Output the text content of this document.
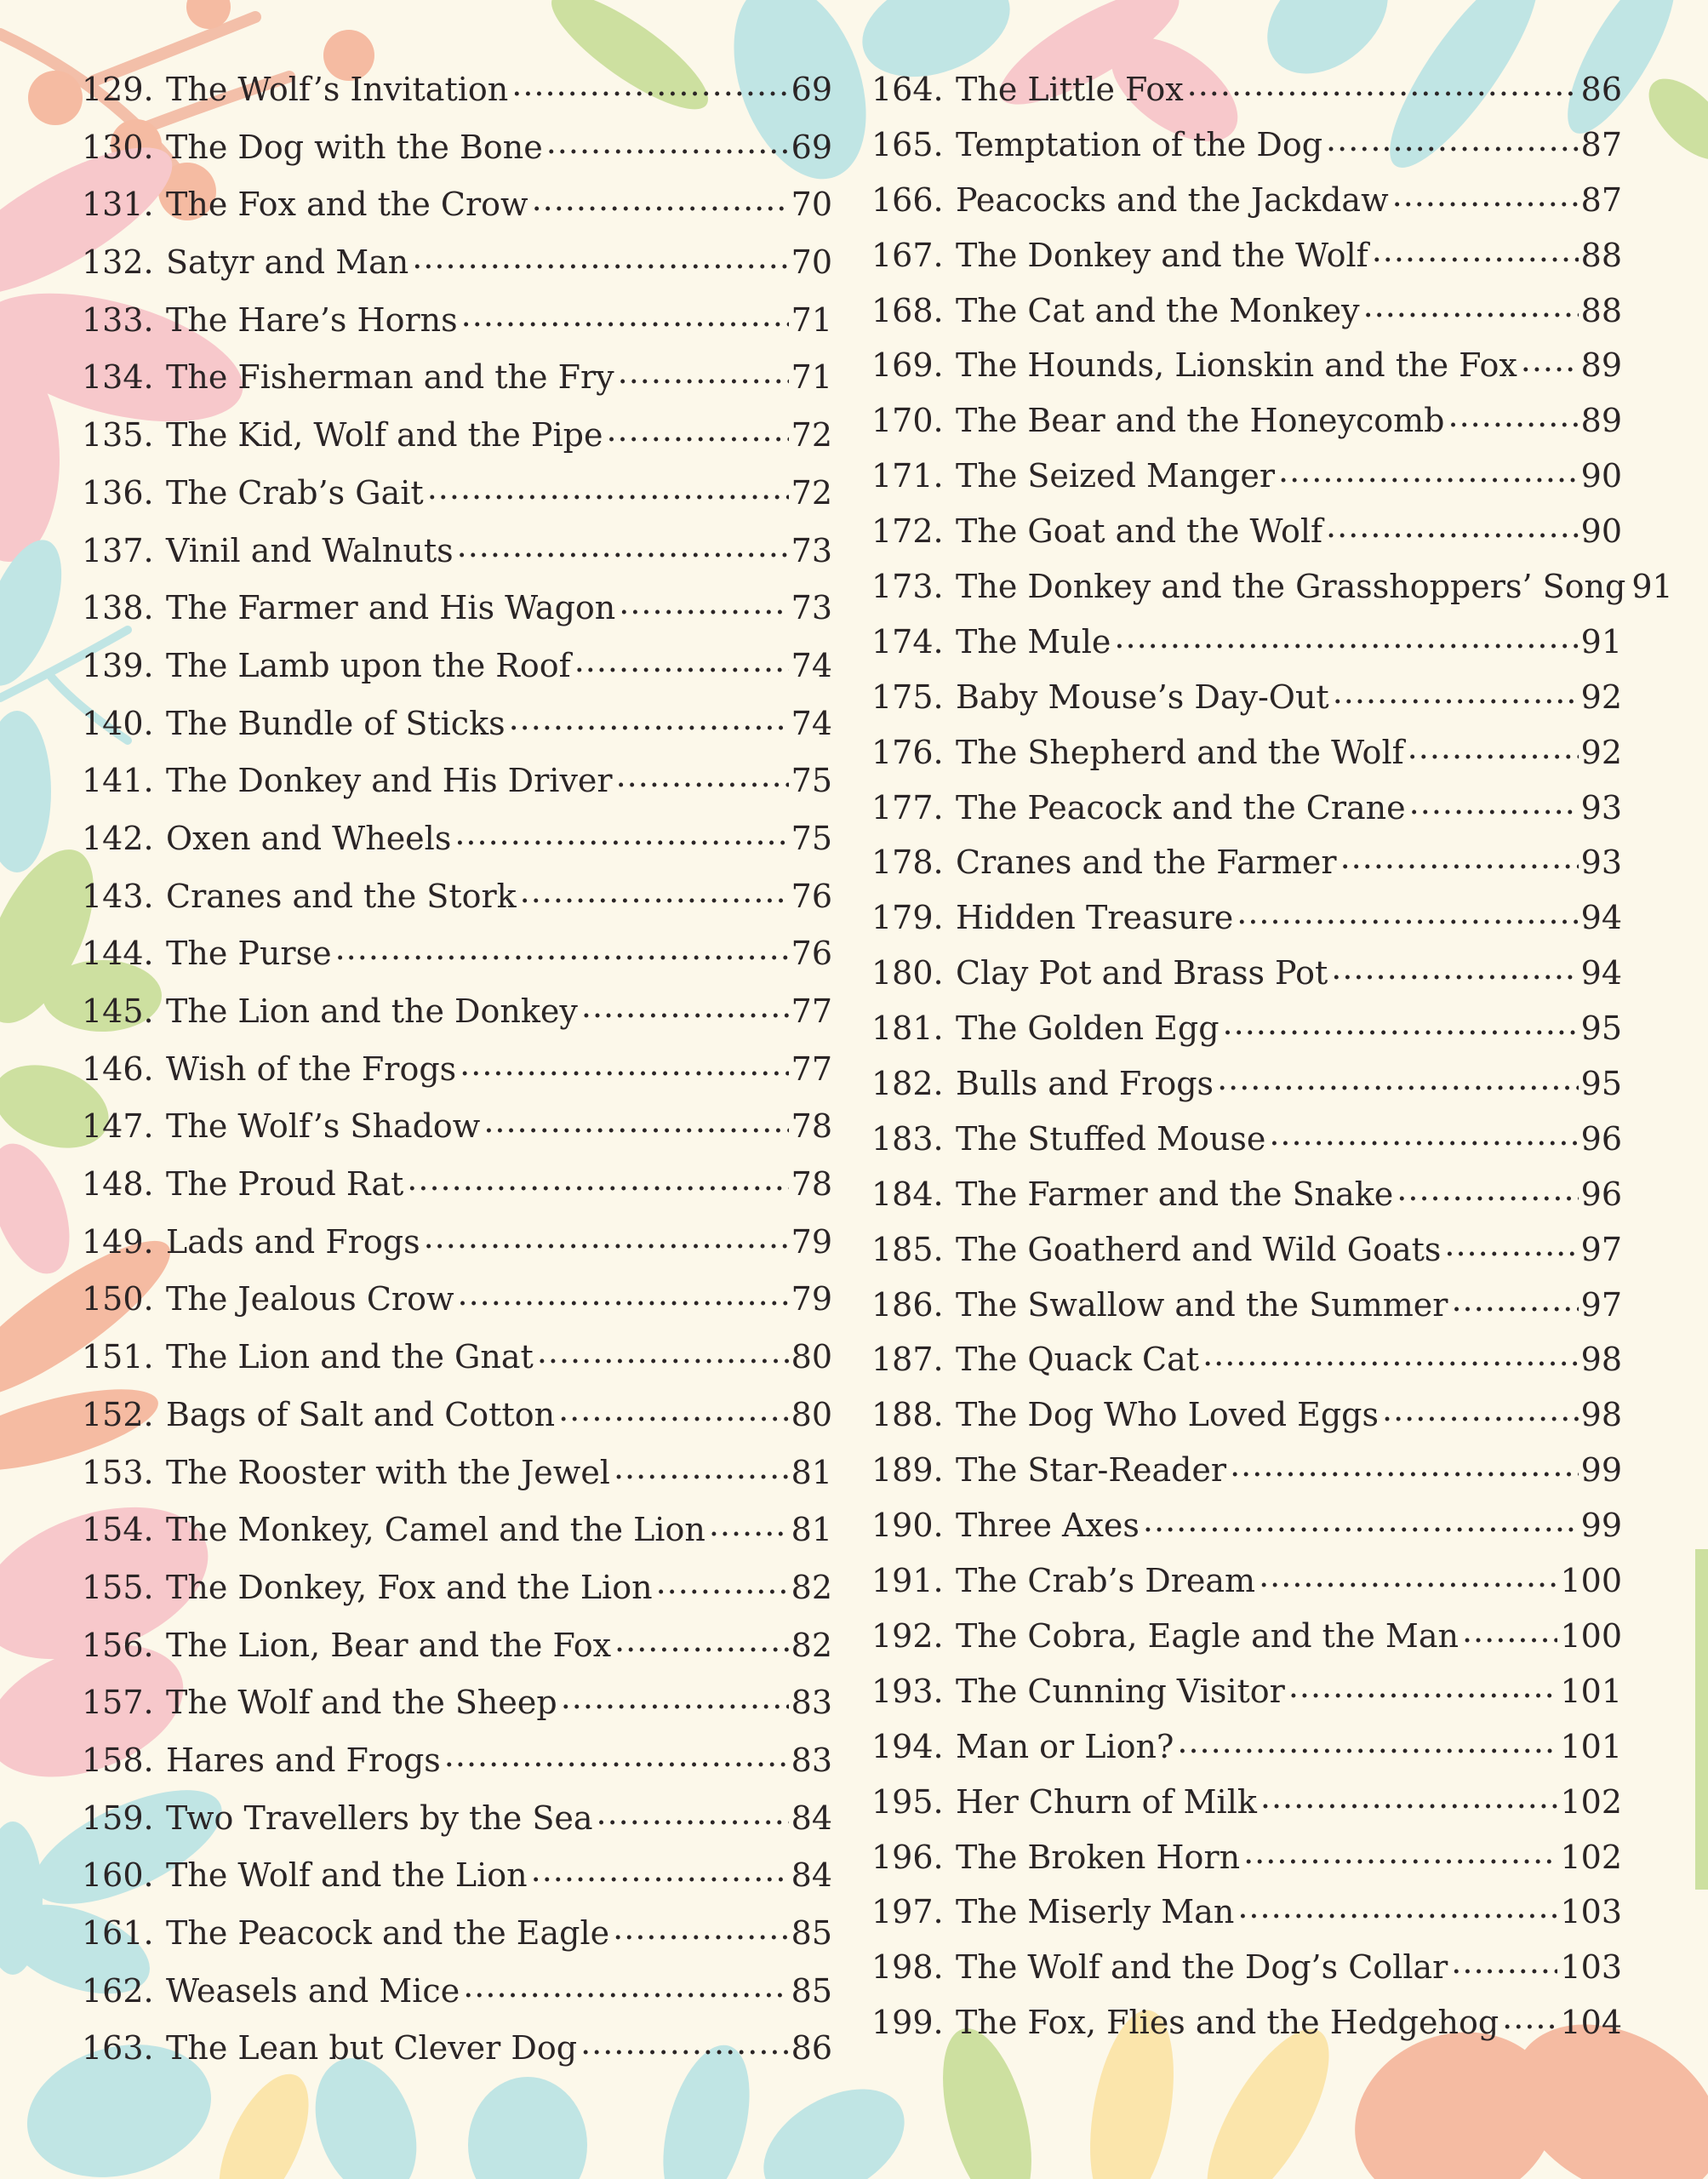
129. The Wolf’s Invitation .....	69
130. The Dog with the Bone .....	69
131. The Fox and the Crow .....	70
132. Satyr and Man .....	70
133. The Hare’s Horns .....	71
134. The Fisherman and the Fry .....	71
135. The Kid, Wolf and the Pipe .....	72
136. The Crab’s Gait .....	72
137. Vinil and Walnuts .....	73
138. The Farmer and His Wagon .....	73
139. The Lamb upon the Roof .....	74
140. The Bundle of Sticks .....	74
141. The Donkey and His Driver .....	75
142. Oxen and Wheels .....	75
143. Cranes and the Stork .....	76
144. The Purse .....	76
145. The Lion and the Donkey .....	77
146. Wish of the Frogs .....	77
147. The Wolf’s Shadow .....	78
148. The Proud Rat .....	78
149. Lads and Frogs .....	79
150. The Jealous Crow .....	79
151. The Lion and the Gnat .....	80
152. Bags of Salt and Cotton .....	80
153. The Rooster with the Jewel .....	81
154. The Monkey, Camel and the Lion .....	81
155. The Donkey, Fox and the Lion .....	82
156. The Lion, Bear and the Fox .....	82
157. The Wolf and the Sheep .....	83
158. Hares and Frogs .....	83
159. Two Travellers by the Sea .....	84
160. The Wolf and the Lion .....	84
161. The Peacock and the Eagle .....	85
162. Weasels and Mice .....	85
163. The Lean but Clever Dog .....	86
164. The Little Fox .....	86
165. Temptation of the Dog .....	87
166. Peacocks and the Jackdaw .....	87
167. The Donkey and the Wolf .....	88
168. The Cat and the Monkey .....	88
169. The Hounds, Lionskin and the Fox ..... 89
170. The Bear and the Honeycomb .....	89
171. The Seized Manger .....	90
172. The Goat and the Wolf .....	90
173. The Donkey and the Grasshoppers’ Song 91
174. The Mule .....	91
175. Baby Mouse’s Day-Out .....	92
176. The Shepherd and the Wolf .....	92
177. The Peacock and the Crane .....	93
178. Cranes and the Farmer .....	93
179. Hidden Treasure .....	94
180. Clay Pot and Brass Pot .....	94
181. The Golden Egg .....	95
182. Bulls and Frogs .....	95
183. The Stuffed Mouse .....	96
184. The Farmer and the Snake .....	96
185. The Goatherd and Wild Goats .....	97
186. The Swallow and the Summer .....	97
187. The Quack Cat .....	98
188. The Dog Who Loved Eggs .....	98
189. The Star-Reader .....	99
190. Three Axes .....	99
191. The Crab’s Dream .....	100
192. The Cobra, Eagle and the Man .....	100
193. The Cunning Visitor .....	101
194. Man or Lion? .....	101
195. Her Churn of Milk .....	102
196. The Broken Horn .....	102
197. The Miserly Man .....	103
198. The Wolf and the Dog’s Collar .....	103
199. The Fox, Flies and the Hedgehog ..... 104
